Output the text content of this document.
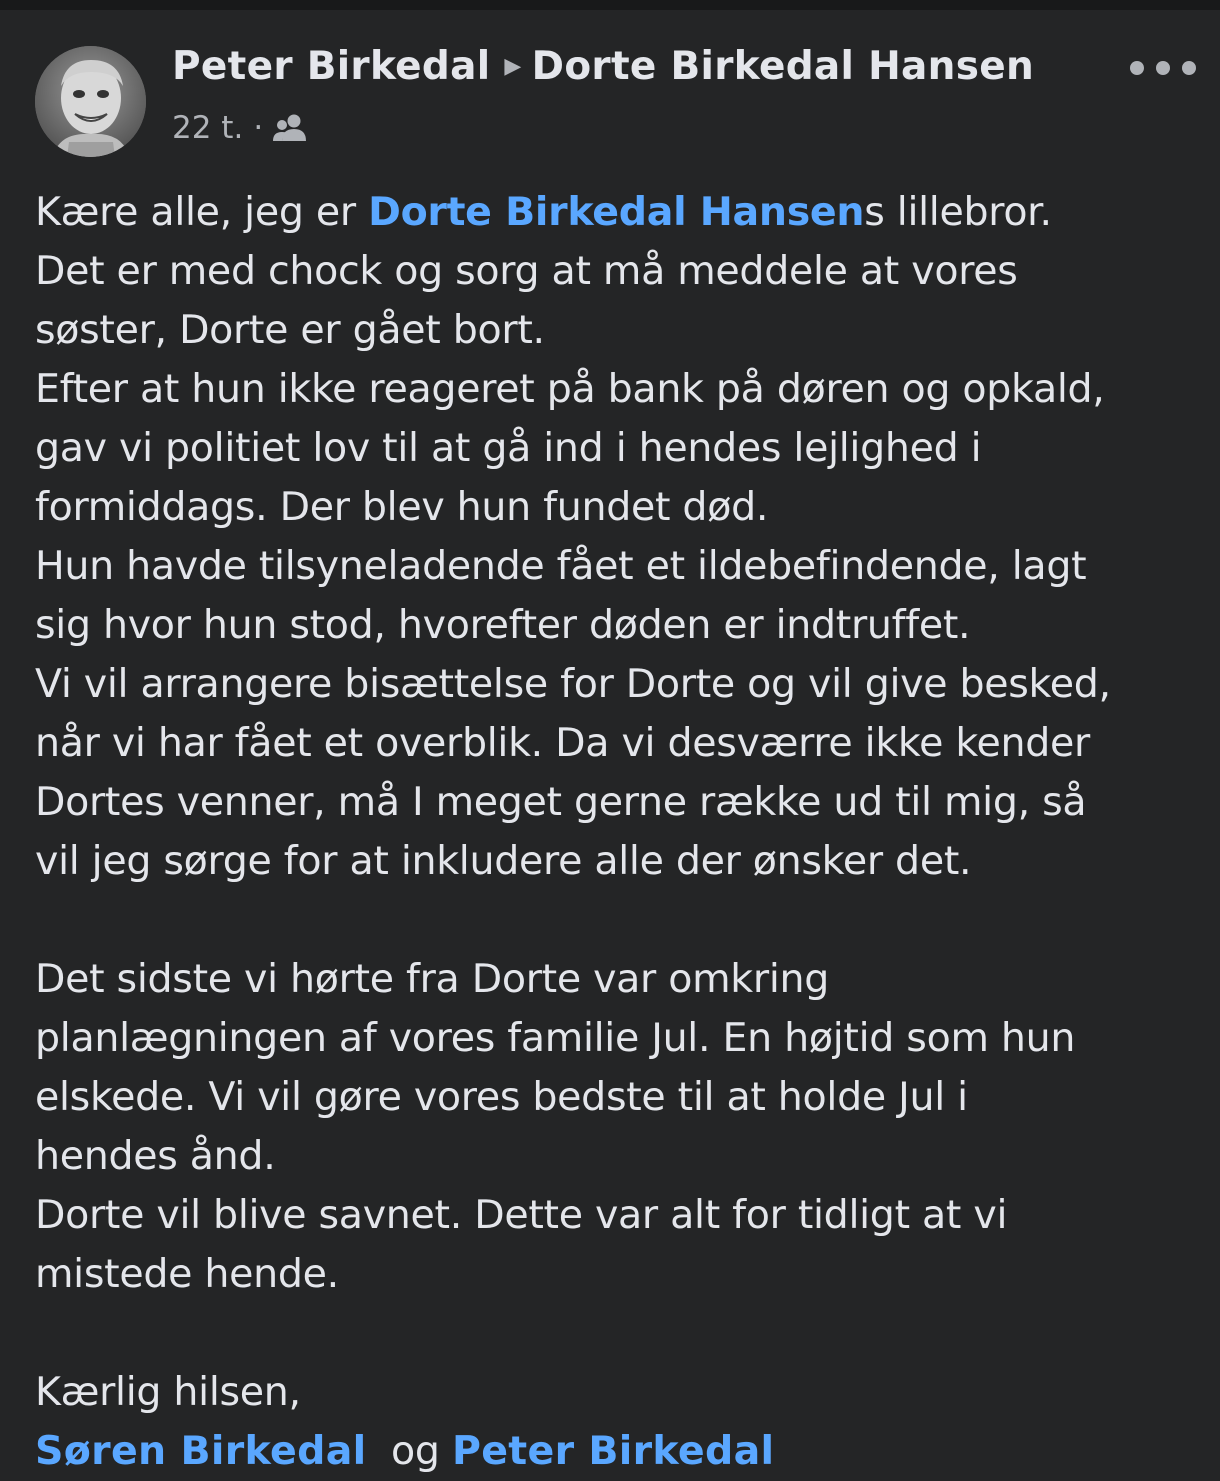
Peter Birkedal ▶ Dorte Birkedal Hansen
22 t. ·
Kære alle, jeg er Dorte Birkedal Hansens lillebror.
Det er med chock og sorg at må meddele at vores
søster, Dorte er gået bort.
Efter at hun ikke reageret på bank på døren og opkald,
gav vi politiet lov til at gå ind i hendes lejlighed i
formiddags. Der blev hun fundet død.
Hun havde tilsyneladende fået et ildebefindende, lagt
sig hvor hun stod, hvorefter døden er indtruffet.
Vi vil arrangere bisættelse for Dorte og vil give besked,
når vi har fået et overblik. Da vi desværre ikke kender
Dortes venner, må I meget gerne række ud til mig, så
vil jeg sørge for at inkludere alle der ønsker det.
Det sidste vi hørte fra Dorte var omkring
planlægningen af vores familie Jul. En højtid som hun
elskede. Vi vil gøre vores bedste til at holde Jul i
hendes ånd.
Dorte vil blive savnet. Dette var alt for tidligt at vi
mistede hende.
Kærlig hilsen,
Søren Birkedal og Peter Birkedal
